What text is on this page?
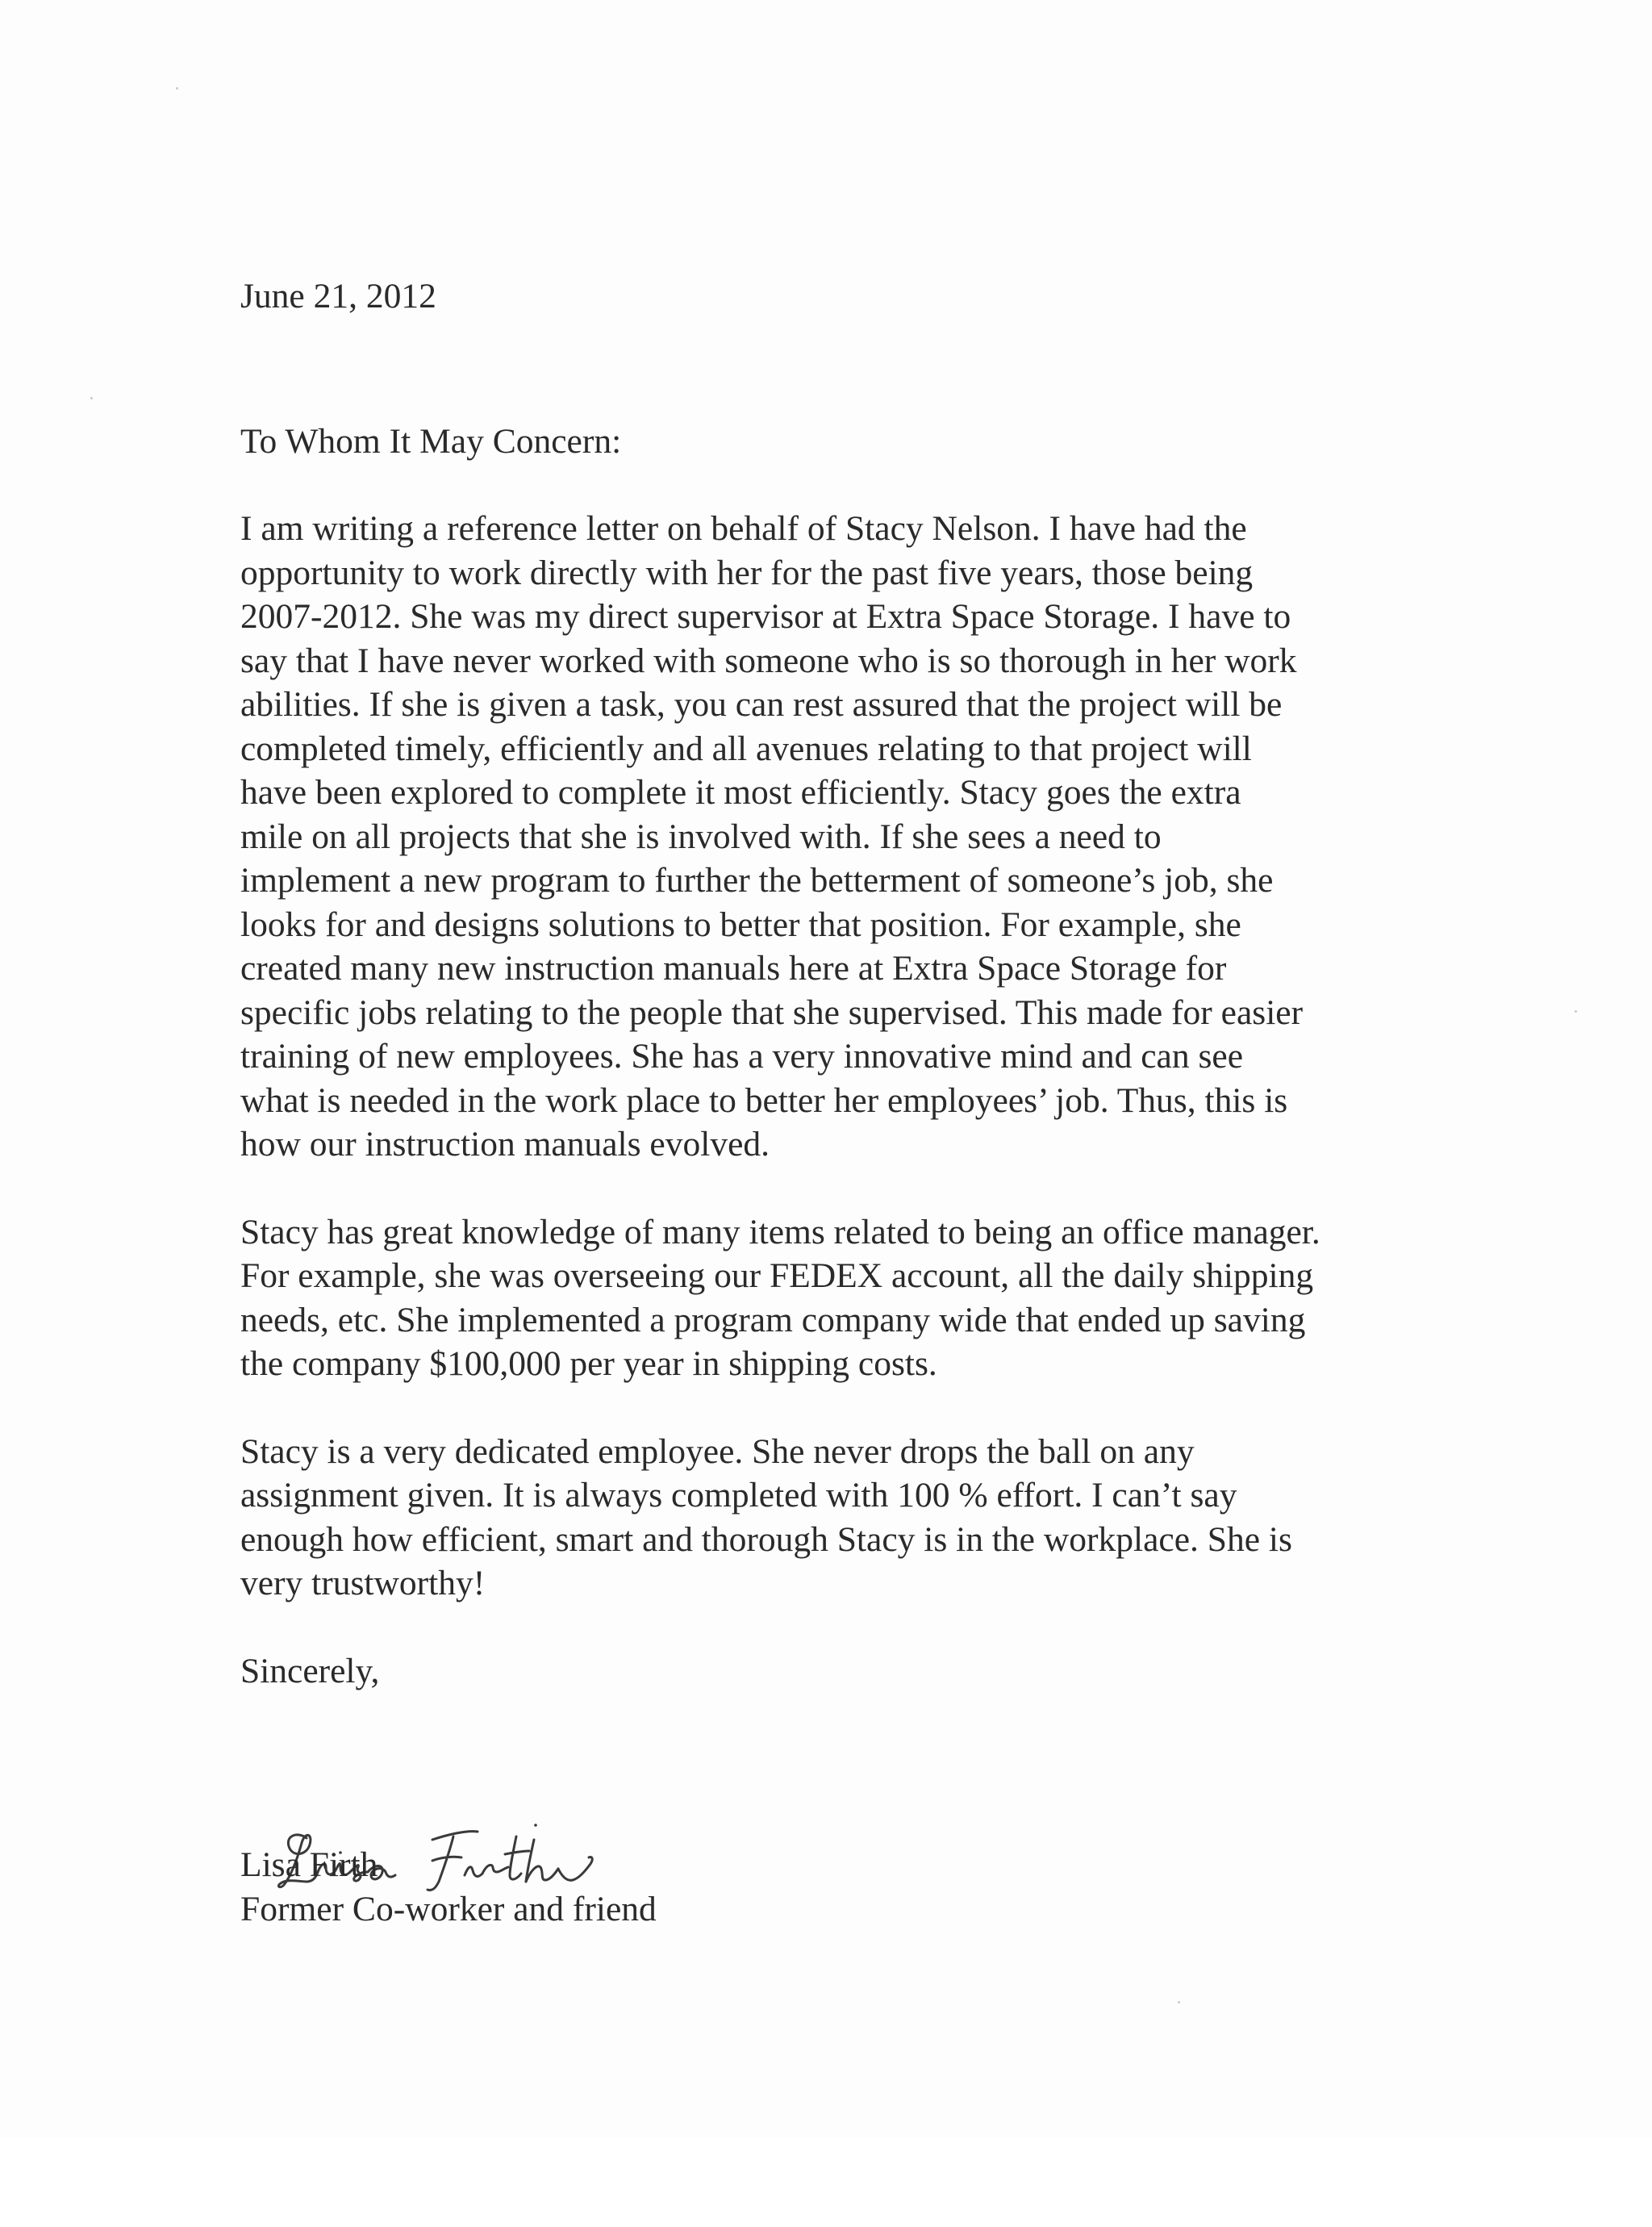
June 21, 2012

To Whom It May Concern:

I am writing a reference letter on behalf of Stacy Nelson. I have had the
opportunity to work directly with her for the past five years, those being
2007-2012. She was my direct supervisor at Extra Space Storage. I have to
say that I have never worked with someone who is so thorough in her work
abilities. If she is given a task, you can rest assured that the project will be
completed timely, efficiently and all avenues relating to that project will
have been explored to complete it most efficiently. Stacy goes the extra
mile on all projects that she is involved with. If she sees a need to
implement a new program to further the betterment of someone’s job, she
looks for and designs solutions to better that position. For example, she
created many new instruction manuals here at Extra Space Storage for
specific jobs relating to the people that she supervised. This made for easier
training of new employees. She has a very innovative mind and can see
what is needed in the work place to better her employees’ job. Thus, this is
how our instruction manuals evolved.
Stacy has great knowledge of many items related to being an office manager.
For example, she was overseeing our FEDEX account, all the daily shipping
needs, etc. She implemented a program company wide that ended up saving
the company $100,000 per year in shipping costs.
Stacy is a very dedicated employee. She never drops the ball on any
assignment given. It is always completed with 100 % effort. I can’t say
enough how efficient, smart and thorough Stacy is in the workplace. She is
very trustworthy!

Sincerely,

Lisa Firth
Former Co-worker and friend
